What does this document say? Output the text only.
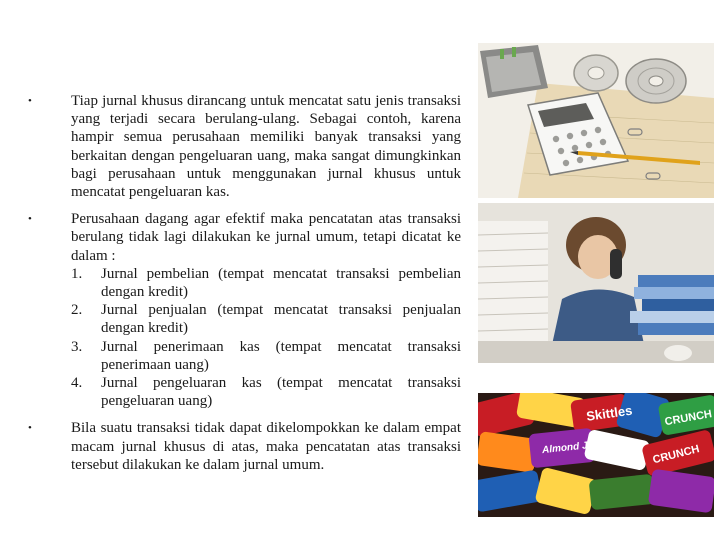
•	Tiap jurnal khusus dirancang untuk mencatat satu jenis transaksi yang terjadi secara berulang-ulang. Sebagai contoh, karena hampir semua perusahaan memiliki banyak transaksi yang berkaitan dengan pengeluaran uang, maka sangat dimungkinkan bagi perusahaan untuk menggunakan jurnal khusus untuk mencatat pengeluaran kas.
•	Perusahaan dagang agar efektif maka pencatatan atas transaksi berulang tidak lagi dilakukan ke jurnal umum, tetapi dicatat ke dalam :
1. Jurnal pembelian (tempat mencatat transaksi pembelian dengan kredit)
2. Jurnal penjualan (tempat mencatat transaksi penjualan dengan kredit)
3. Jurnal penerimaan kas (tempat mencatat transaksi penerimaan uang)
4. Jurnal pengeluaran kas (tempat mencatat transaksi pengeluaran uang)
•	Bila suatu transaksi tidak dapat dikelompokkan ke dalam empat macam jurnal khusus di atas, maka pencatatan atas transaksi tersebut dilakukan ke dalam jurnal umum.
Skittles	CRUNCH
CRUNCH
Almond Joy
